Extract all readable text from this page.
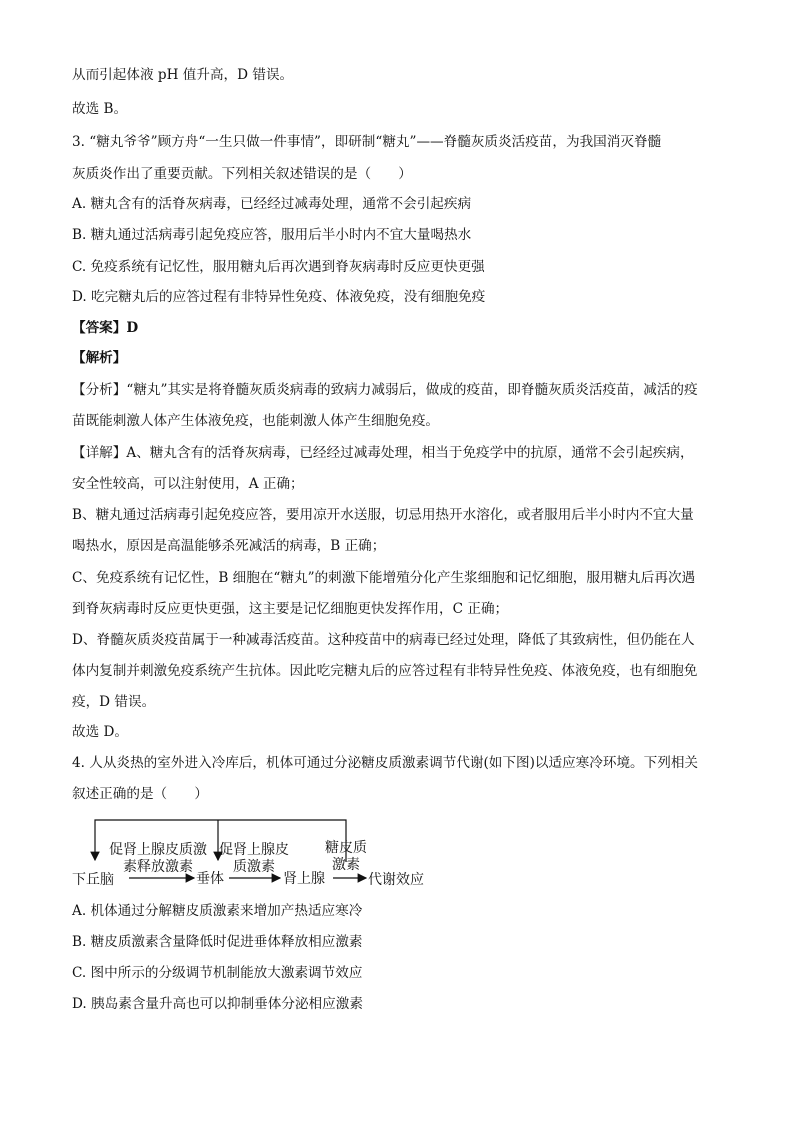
从而引起体液 pH 值升高，D 错误。
故选 B。
3. “糖丸爷爷”顾方舟“一生只做一件事情”，即研制“糖丸”——脊髓灰质炎活疫苗，为我国消灭脊髓
灰质炎作出了重要贡献。下列相关叙述错误的是（　　）
A. 糖丸含有的活脊灰病毒，已经经过减毒处理，通常不会引起疾病
B. 糖丸通过活病毒引起免疫应答，服用后半小时内不宜大量喝热水
C. 免疫系统有记忆性，服用糖丸后再次遇到脊灰病毒时反应更快更强
D. 吃完糖丸后的应答过程有非特异性免疫、体液免疫，没有细胞免疫
【答案】D
【解析】
【分析】“糖丸”其实是将脊髓灰质炎病毒的致病力减弱后，做成的疫苗，即脊髓灰质炎活疫苗，减活的疫
苗既能刺激人体产生体液免疫，也能刺激人体产生细胞免疫。
【详解】A、糖丸含有的活脊灰病毒，已经经过减毒处理，相当于免疫学中的抗原，通常不会引起疾病，
安全性较高，可以注射使用，A 正确；
B、糖丸通过活病毒引起免疫应答，要用凉开水送服，切忌用热开水溶化，或者服用后半小时内不宜大量
喝热水，原因是高温能够杀死减活的病毒，B 正确；
C、免疫系统有记忆性，B 细胞在“糖丸”的刺激下能增殖分化产生浆细胞和记忆细胞，服用糖丸后再次遇
到脊灰病毒时反应更快更强，这主要是记忆细胞更快发挥作用，C 正确；
D、脊髓灰质炎疫苗属于一种减毒活疫苗。这种疫苗中的病毒已经过处理，降低了其致病性，但仍能在人
体内复制并刺激免疫系统产生抗体。因此吃完糖丸后的应答过程有非特异性免疫、体液免疫，也有细胞免
疫，D 错误。
故选 D。
4. 人从炎热的室外进入冷库后，机体可通过分泌糖皮质激素调节代谢(如下图)以适应寒冷环境。下列相关
叙述正确的是（　　）
下丘脑	垂体	肾上腺	代谢效应
促肾上腺皮质激
素释放激素
促肾上腺皮
质激素
糖皮质
激素
A. 机体通过分解糖皮质激素来增加产热适应寒冷
B. 糖皮质激素含量降低时促进垂体释放相应激素
C. 图中所示的分级调节机制能放大激素调节效应
D. 胰岛素含量升高也可以抑制垂体分泌相应激素
